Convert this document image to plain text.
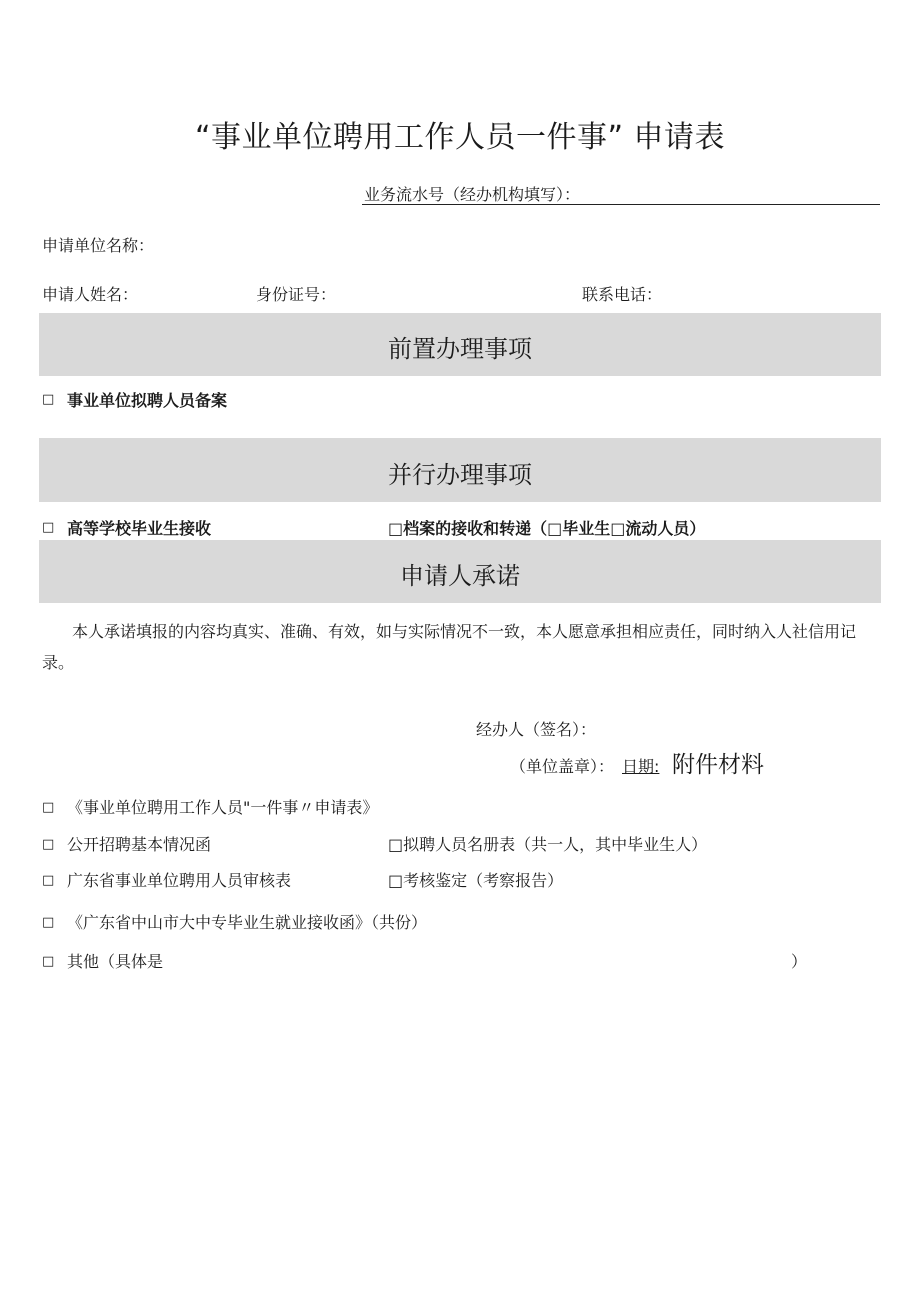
“事业单位聘用工作人员一件事” 申请表
业务流水号（经办机构填写）：
申请单位名称：
申请人姓名：	身份证号：	联系电话：
前置办理事项
□ 事业单位拟聘人员备案
并行办理事项
□ 高等学校毕业生接收	□档案的接收和转递（□毕业生□流动人员）
申请人承诺
本人承诺填报的内容均真实、准确、有效，如与实际情况不一致，本人愿意承担相应责任，同时纳入人社信用记录。
经办人（签名）：
（单位盖章）： 日期: 附件材料
□ 《事业单位聘用工作人员"一件事〃申请表》
□ 公开招聘基本情况函	□拟聘人员名册表（共一人，其中毕业生人）
□ 广东省事业单位聘用人员审核表	□考核鉴定（考察报告）
□ 《广东省中山市大中专毕业生就业接收函》（共份）
□ 其他（具体是	）
